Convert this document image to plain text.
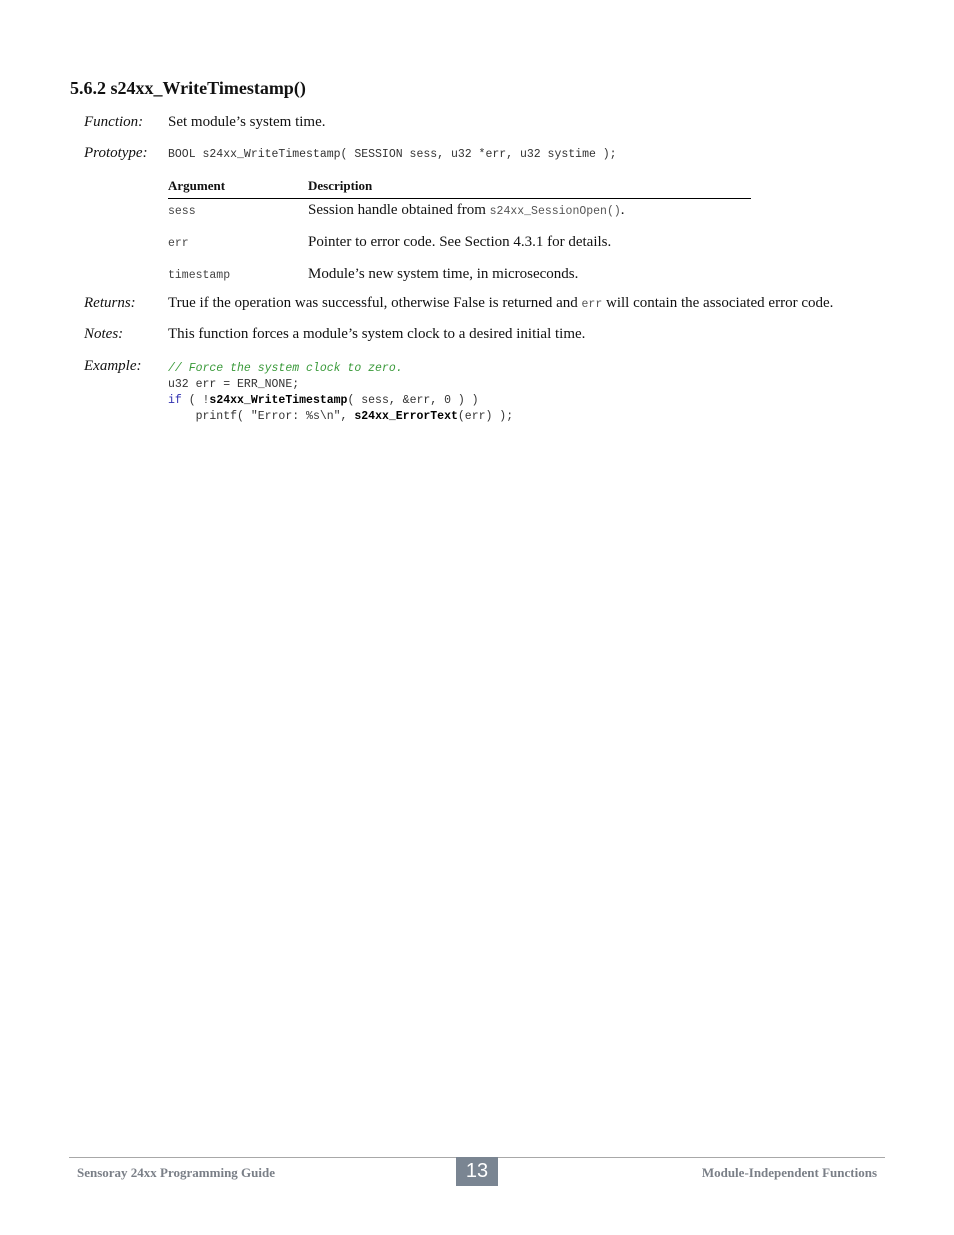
5.6.2 s24xx_WriteTimestamp()
Function: Set module’s system time.
Prototype: BOOL s24xx_WriteTimestamp( SESSION sess, u32 *err, u32 systime );
Argument	Description
sess	Session handle obtained from s24xx_SessionOpen().
err	Pointer to error code. See Section 4.3.1 for details.
timestamp	Module’s new system time, in microseconds.
Returns: True if the operation was successful, otherwise False is returned and err will contain the associated error code.
Notes:	This function forces a module’s system clock to a desired initial time.
Example: // Force the system clock to zero.
u32 err = ERR_NONE;
if ( !s24xx_WriteTimestamp( sess, &err, 0 ) )
printf( "Error: %s\n", s24xx_ErrorText(err) );
Sensoray 24xx Programming Guide	13	Module-Independent Functions
